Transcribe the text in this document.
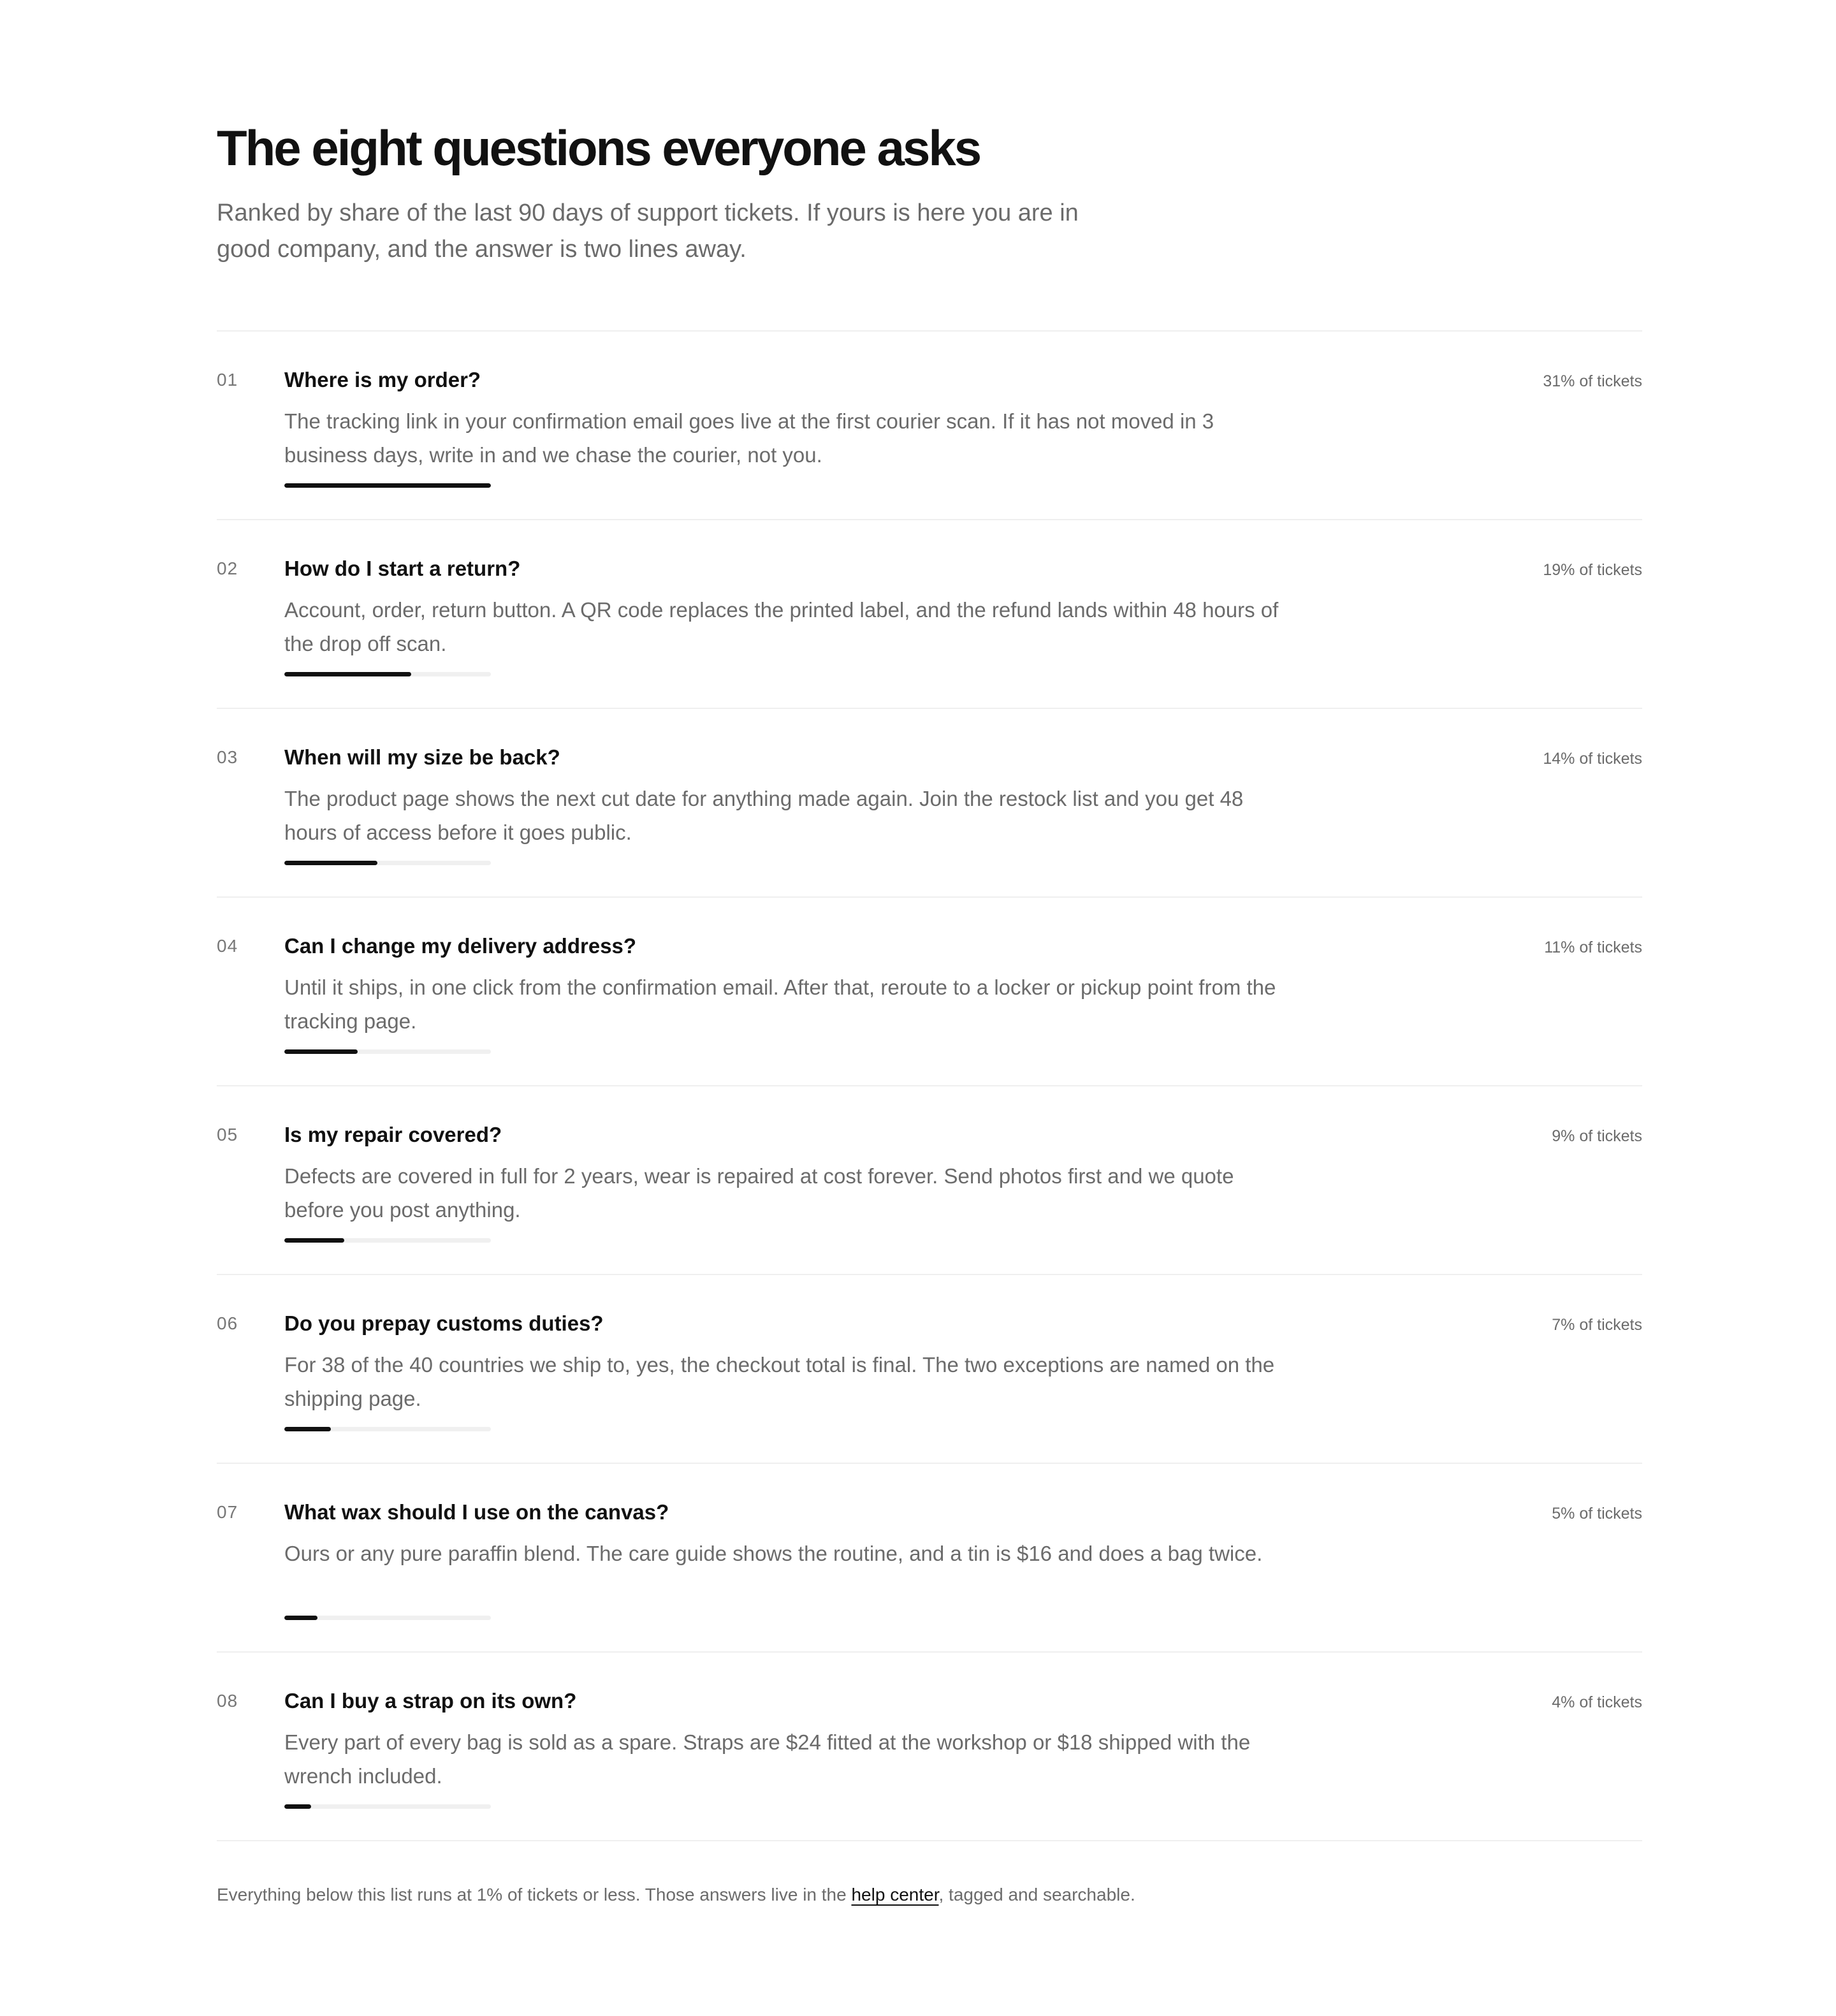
The eight questions everyone asks

Ranked by share of the last 90 days of support tickets. If yours is here you are in good company, and the answer is two lines away.

01 Where is my order?
The tracking link in your confirmation email goes live at the first courier scan. If it has not moved in 3 business days, write in and we chase the courier, not you.
31% of tickets
02 How do I start a return?
Account, order, return button. A QR code replaces the printed label, and the refund lands within 48 hours of the drop off scan.
19% of tickets
03 When will my size be back?
The product page shows the next cut date for anything made again. Join the restock list and you get 48 hours of access before it goes public.
14% of tickets
04 Can I change my delivery address?
Until it ships, in one click from the confirmation email. After that, reroute to a locker or pickup point from the tracking page.
11% of tickets
05 Is my repair covered?
Defects are covered in full for 2 years, wear is repaired at cost forever. Send photos first and we quote before you post anything.
9% of tickets
06 Do you prepay customs duties?
For 38 of the 40 countries we ship to, yes, the checkout total is final. The two exceptions are named on the shipping page.
7% of tickets
07 What wax should I use on the canvas?
Ours or any pure paraffin blend. The care guide shows the routine, and a tin is $16 and does a bag twice.
5% of tickets
08 Can I buy a strap on its own?
Every part of every bag is sold as a spare. Straps are $24 fitted at the workshop or $18 shipped with the wrench included.
4% of tickets

Everything below this list runs at 1% of tickets or less. Those answers live in the help center, tagged and searchable.
